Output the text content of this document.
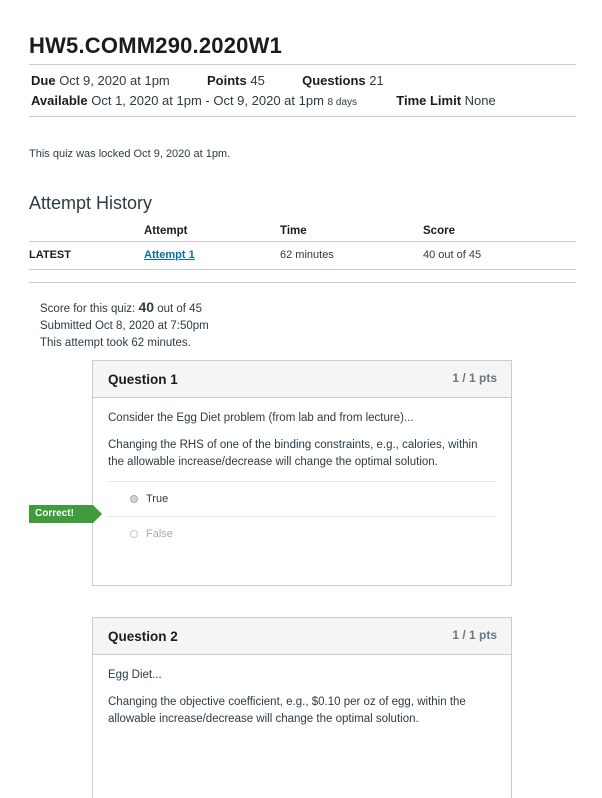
HW5.COMM290.2020W1
Due Oct 9, 2020 at 1pm	Points 45	Questions 21
Available Oct 1, 2020 at 1pm - Oct 9, 2020 at 1pm 8 days	Time Limit None
This quiz was locked Oct 9, 2020 at 1pm.
Attempt History
	Attempt	Time	Score
LATEST	Attempt 1	62 minutes	40 out of 45
Score for this quiz: 40 out of 45
Submitted Oct 8, 2020 at 7:50pm
This attempt took 62 minutes.
Question 1	1 / 1 pts

Consider the Egg Diet problem (from lab and from lecture)...

Changing the RHS of one of the binding constraints, e.g., calories, within the allowable increase/decrease will change the optimal solution.

True
False
Correct!
Question 2	1 / 1 pts

Egg Diet...

Changing the objective coefficient, e.g., $0.10 per oz of egg, within the allowable increase/decrease will change the optimal solution.
